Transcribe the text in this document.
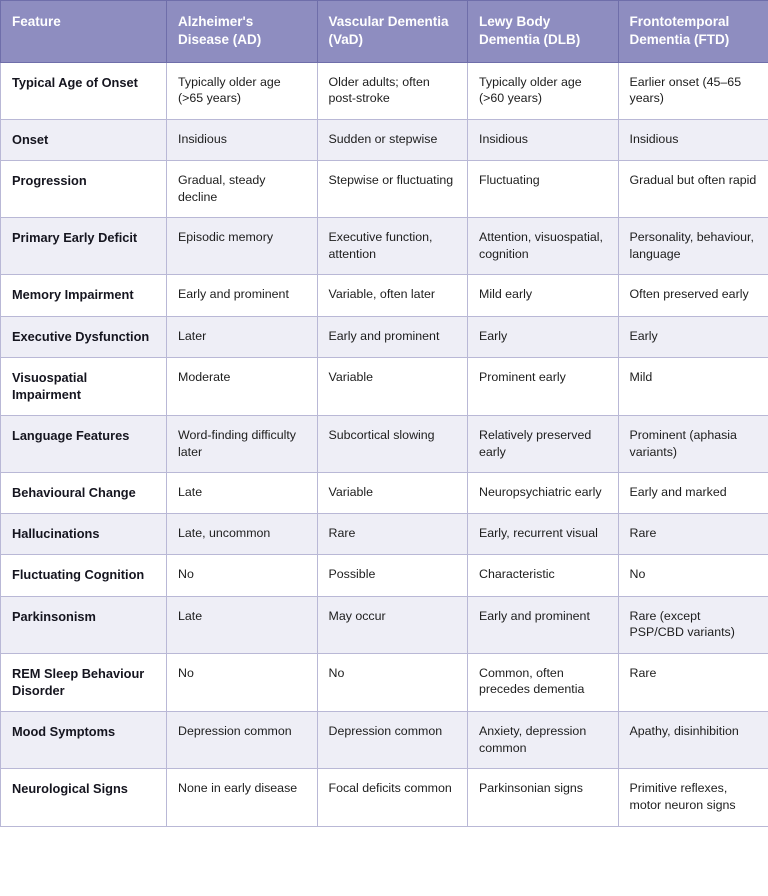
Feature	Alzheimer's Disease (AD)	Vascular Dementia (VaD)	Lewy Body Dementia (DLB)	Frontotemporal Dementia (FTD)
Typical Age of Onset	Typically older age (>65 years)	Older adults; often post-stroke	Typically older age (>60 years)	Earlier onset (45–65 years)
Onset	Insidious	Sudden or stepwise	Insidious	Insidious
Progression	Gradual, steady decline	Stepwise or fluctuating	Fluctuating	Gradual but often rapid
Primary Early Deficit	Episodic memory	Executive function, attention	Attention, visuospatial, cognition	Personality, behaviour, language
Memory Impairment	Early and prominent	Variable, often later	Mild early	Often preserved early
Executive Dysfunction	Later	Early and prominent	Early	Early
Visuospatial Impairment	Moderate	Variable	Prominent early	Mild
Language Features	Word-finding difficulty later	Subcortical slowing	Relatively preserved early	Prominent (aphasia variants)
Behavioural Change	Late	Variable	Neuropsychiatric early	Early and marked
Hallucinations	Late, uncommon	Rare	Early, recurrent visual	Rare
Fluctuating Cognition	No	Possible	Characteristic	No
Parkinsonism	Late	May occur	Early and prominent	Rare (except PSP/CBD variants)
REM Sleep Behaviour Disorder	No	No	Common, often precedes dementia	Rare
Mood Symptoms	Depression common	Depression common	Anxiety, depression common	Apathy, disinhibition
Neurological Signs	None in early disease	Focal deficits common	Parkinsonian signs	Primitive reflexes, motor neuron signs
